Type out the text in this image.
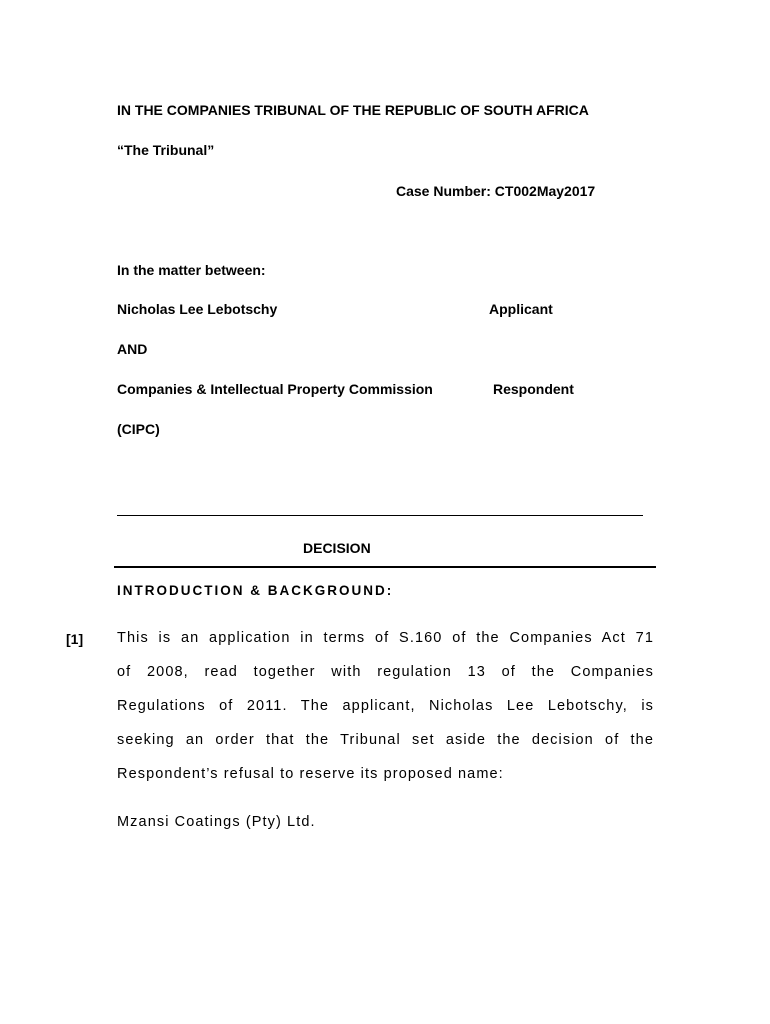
IN THE COMPANIES TRIBUNAL OF THE REPUBLIC OF SOUTH AFRICA
“The Tribunal”
Case Number: CT002May2017
In the matter between:
Nicholas Lee Lebotschy	Applicant
AND
Companies & Intellectual Property Commission	Respondent
(CIPC)
DECISION
INTRODUCTION & BACKGROUND:
[1] This is an application in terms of S.160 of the Companies Act 71
of 2008, read together with regulation 13 of the Companies
Regulations of 2011. The applicant, Nicholas Lee Lebotschy, is
seeking an order that the Tribunal set aside the decision of the
Respondent’s refusal to reserve its proposed name:
Mzansi Coatings (Pty) Ltd.
